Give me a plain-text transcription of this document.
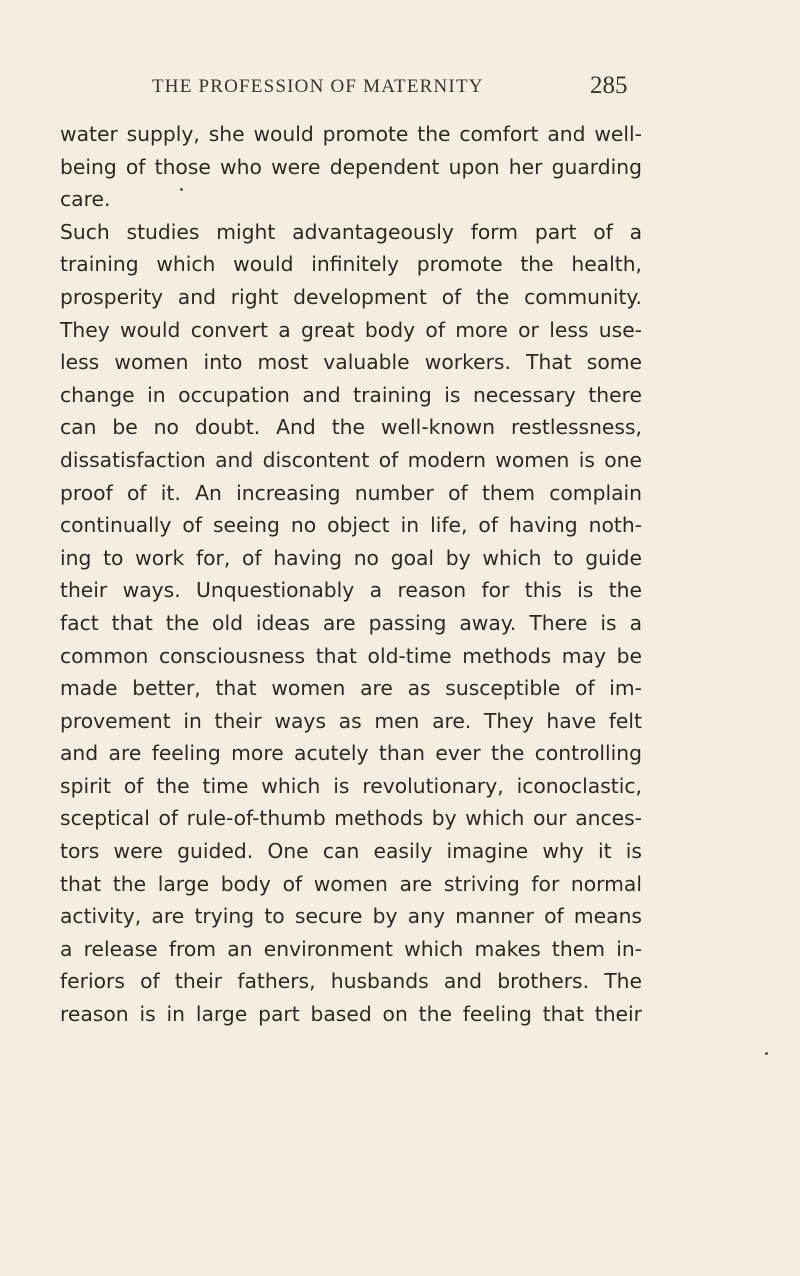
THE PROFESSION OF MATERNITY	285
water supply, she would promote the comfort and well-
being of those who were dependent upon her guarding
care.
Such studies might advantageously form part of a
training which would infinitely promote the health,
prosperity and right development of the community.
They would convert a great body of more or less use-
less women into most valuable workers. That some
change in occupation and training is necessary there
can be no doubt. And the well-known restlessness,
dissatisfaction and discontent of modern women is one
proof of it. An increasing number of them complain
continually of seeing no object in life, of having noth-
ing to work for, of having no goal by which to guide
their ways. Unquestionably a reason for this is the
fact that the old ideas are passing away. There is a
common consciousness that old-time methods may be
made better, that women are as susceptible of im-
provement in their ways as men are. They have felt
and are feeling more acutely than ever the controlling
spirit of the time which is revolutionary, iconoclastic,
sceptical of rule-of-thumb methods by which our ances-
tors were guided. One can easily imagine why it is
that the large body of women are striving for normal
activity, are trying to secure by any manner of means
a release from an environment which makes them in-
feriors of their fathers, husbands and brothers. The
reason is in large part based on the feeling that their
